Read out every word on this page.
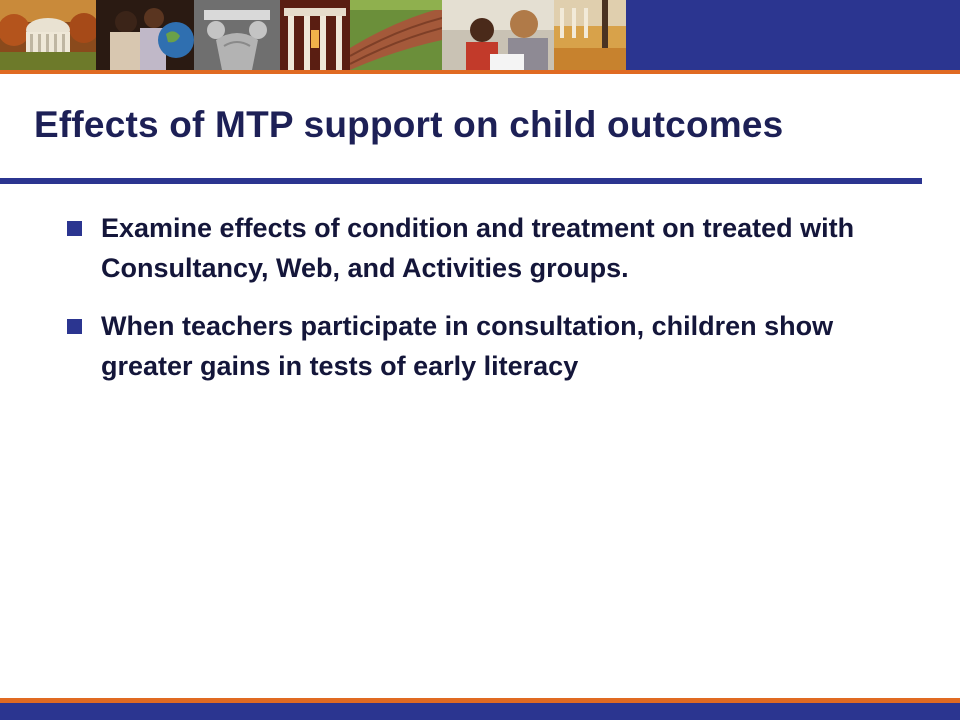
Effects of MTP support on child outcomes
Examine effects of condition and treatment on treated with Consultancy, Web, and Activities groups.
When teachers participate in consultation, children show greater gains in tests of early literacy
